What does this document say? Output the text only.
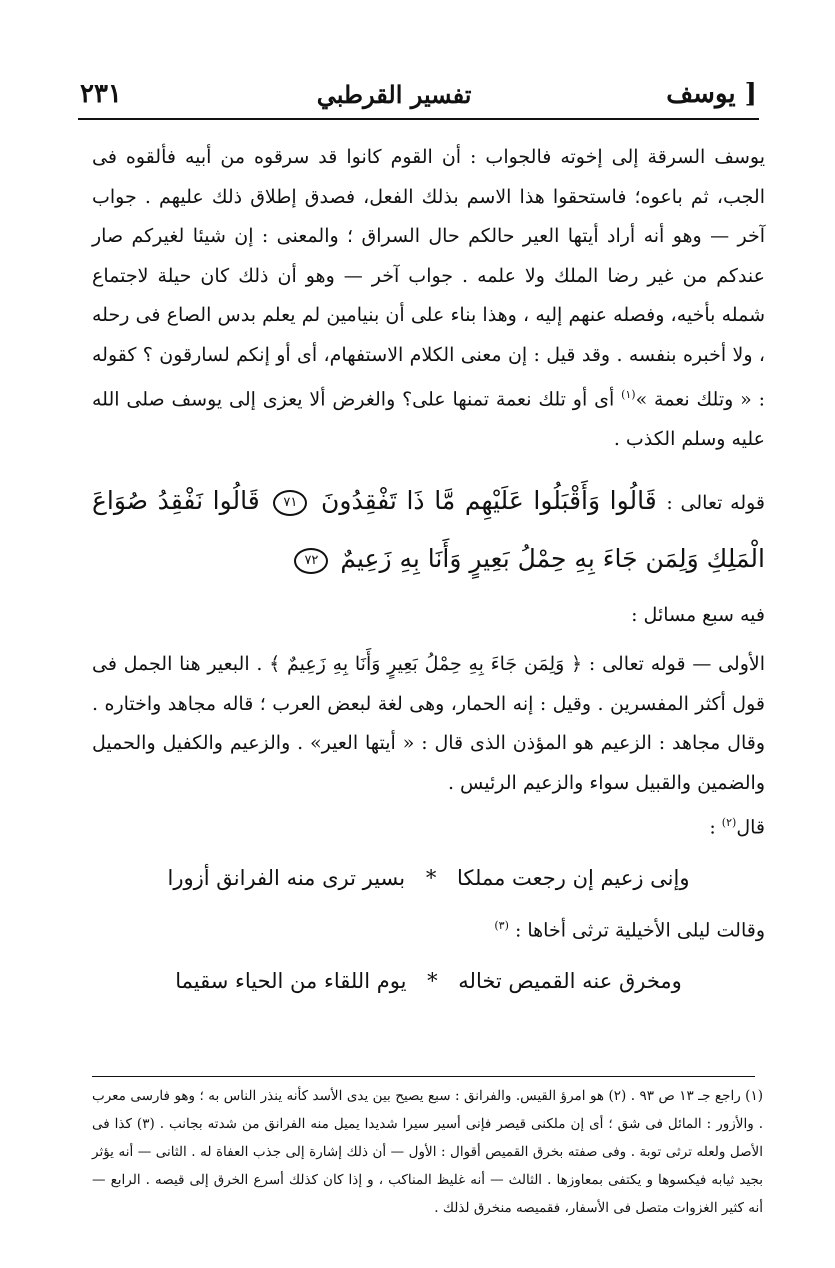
٢٣١	تفسير القرطبي	يوسف ]

يوسف السرقة إلى إخوته فالجواب : أن القوم كانوا قد سرقوه من أبيه فألقوه فى الجب، ثم باعوه؛ فاستحقوا هذا الاسم بذلك الفعل، فصدق إطلاق ذلك عليهم . جواب آخر — وهو أنه أراد أيتها العير حالكم حال السراق ؛ والمعنى : إن شيئا لغيركم صار عندكم من غير رضا الملك ولا علمه . جواب آخر — وهو أن ذلك كان حيلة لاجتماع شمله بأخيه، وفصله عنهم إليه ، وهذا بناء على أن بنيامين لم يعلم بدس الصاع فى رحله ، ولا أخبره بنفسه . وقد قيل : إن معنى الكلام الاستفهام، أى أو إنكم لسارقون ؟ كقوله : « وتلك نعمة »$^{(١)}$ أى أو تلك نعمة تمنها على؟ والغرض ألا يعزى إلى يوسف صلى الله عليه وسلم الكذب .

قوله تعالى : قَالُوا وَأَقْبَلُوا عَلَيْهِم مَّا ذَا تَفْقِدُونَ ٧١ قَالُوا نَفْقِدُ صُوَاعَ الْمَلِكِ وَلِمَن جَاءَ بِهِ حِمْلُ بَعِيرٍ وَأَنَا بِهِ زَعِيمٌ ٧٢

فيه سبع مسائل :

الأولى — قوله تعالى : ﴿ وَلِمَن جَاءَ بِهِ حِمْلُ بَعِيرٍ وَأَنَا بِهِ زَعِيمٌ ﴾ . البعير هنا الجمل فى قول أكثر المفسرين . وقيل : إنه الحمار، وهى لغة لبعض العرب ؛ قاله مجاهد واختاره . وقال مجاهد : الزعيم هو المؤذن الذى قال : « أيتها العير» . والزعيم والكفيل والحميل والضمين والقبيل سواء والزعيم الرئيس .

قال$^{(٢)}$ :

وإنى زعيم إن رجعت مملكا * بسير ترى منه الفرانق أزورا

وقالت ليلى الأخيلية ترثى أخاها : $^{(٣)}$

ومخرق عنه القميص تخاله * يوم اللقاء من الحياء سقيما

(١) راجع جـ ١٣ ص ٩٣ . (٢) هو امرؤ القيس. والفرانق : سبع يصيح بين يدى الأسد كأنه ينذر الناس به ؛ وهو فارسى معرب . والأزور : المائل فى شق ؛ أى إن ملكنى قيصر فإنى أسير سيرا شديدا يميل منه الفرانق من شدته بجانب . (٣) كذا فى الأصل ولعله ترثى توبة . وفى صفته بخرق القميص أقوال : الأول — أن ذلك إشارة إلى جذب العفاة له . الثانى — أنه يؤثر بجيد ثيابه فيكسوها و يكتفى بمعاوزها . الثالث — أنه غليظ المناكب ، و إذا كان كذلك أسرع الخرق إلى قيصه . الرابع — أنه كثير الغزوات متصل فى الأسفار، فقميصه منخرق لذلك .
